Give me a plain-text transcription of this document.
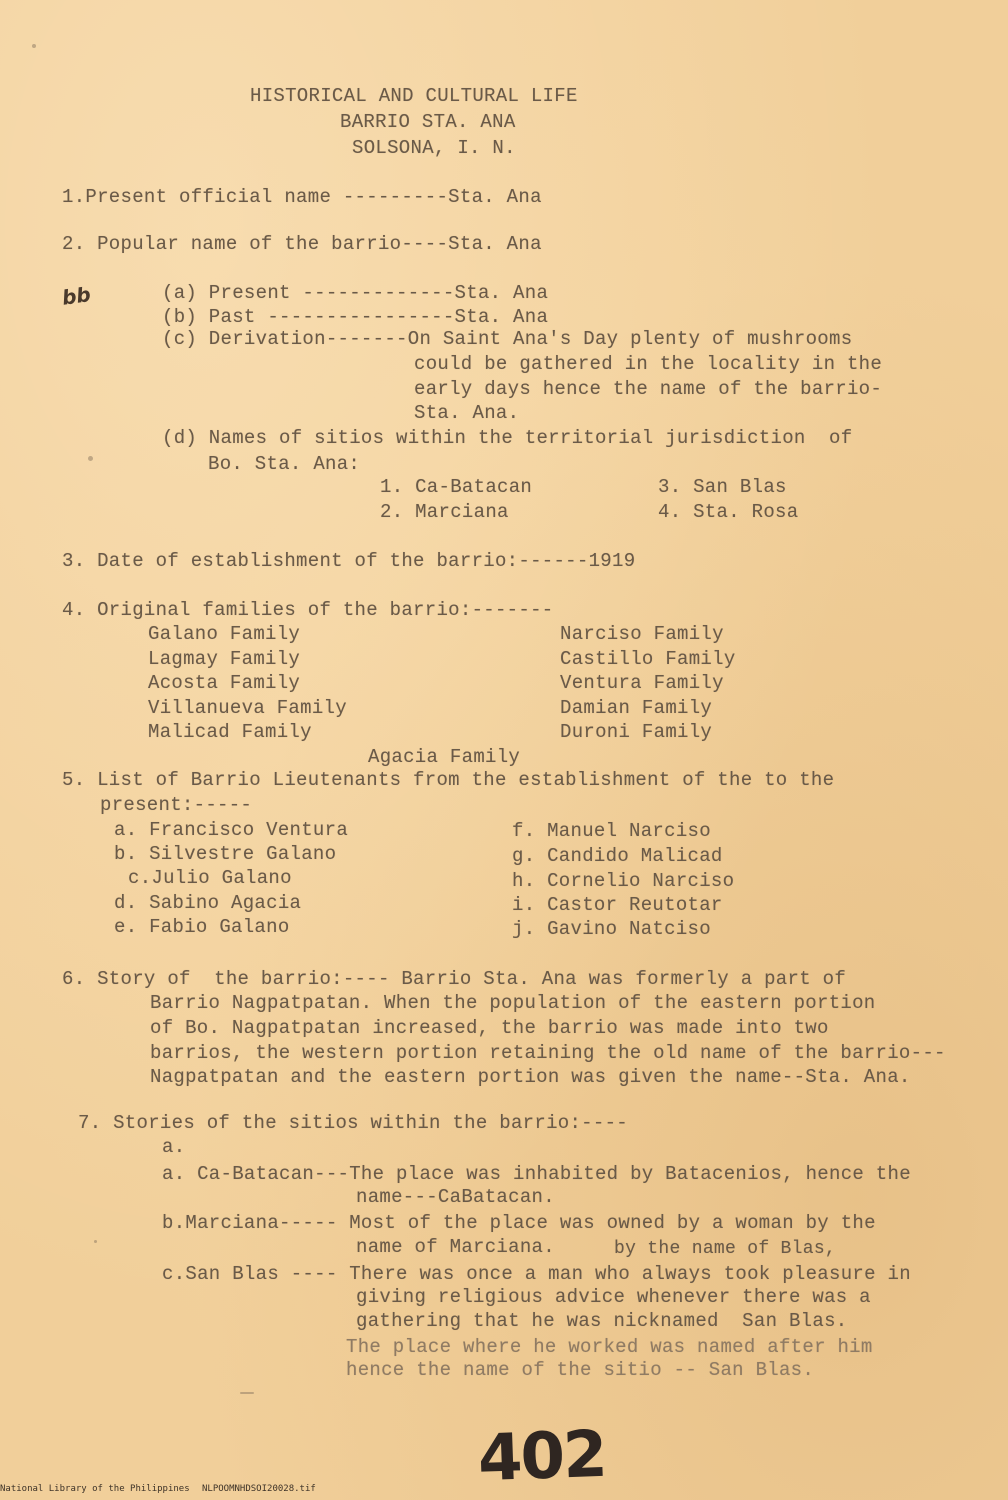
HISTORICAL AND CULTURAL LIFE
BARRIO STA. ANA
SOLSONA, I. N.
1.Present official name ---------Sta. Ana
2. Popular name of the barrio----Sta. Ana
bb	(a) Present -------------Sta. Ana
(b) Past ----------------Sta. Ana
(c) Derivation-------On Saint Ana's Day plenty of mushrooms
could be gathered in the locality in the
early days hence the name of the barrio-
Sta. Ana.
(d) Names of sitios within the territorial jurisdiction  of
Bo. Sta. Ana:
1. Ca-Batacan
2. Marciana
3. San Blas
4. Sta. Rosa
3. Date of establishment of the barrio:------1919
4. Original families of the barrio:-------
Galano Family
Lagmay Family
Acosta Family
Villanueva Family
Malicad Family
Narciso Family
Castillo Family
Ventura Family
Damian Family
Duroni Family
Agacia Family
5. List of Barrio Lieutenants from the establishment of the to the
present:-----
a. Francisco Ventura
b. Silvestre Galano
c.Julio Galano
d. Sabino Agacia
e. Fabio Galano
f. Manuel Narciso
g. Candido Malicad
h. Cornelio Narciso
i. Castor Reutotar
j. Gavino Natciso
6. Story of  the barrio:---- Barrio Sta. Ana was formerly a part of
Barrio Nagpatpatan. When the population of the eastern portion
of Bo. Nagpatpatan increased, the barrio was made into two
barrios, the western portion retaining the old name of the barrio---
Nagpatpatan and the eastern portion was given the name--Sta. Ana.
7. Stories of the sitios within the barrio:----
a.
a. Ca-Batacan---The place was inhabited by Batacenios, hence the
name---CaBatacan.
b.Marciana----- Most of the place was owned by a woman by the
name of Marciana.	by the name of Blas,
c.San Blas ---- There was once a man who always took pleasure in
giving religious advice whenever there was a
gathering that he was nicknamed  San Blas.
The place where he worked was named after him
hence the name of the sitio -- San Blas.
402
National Library of the Philippines NLPOOMNHDSOI20028.tif
